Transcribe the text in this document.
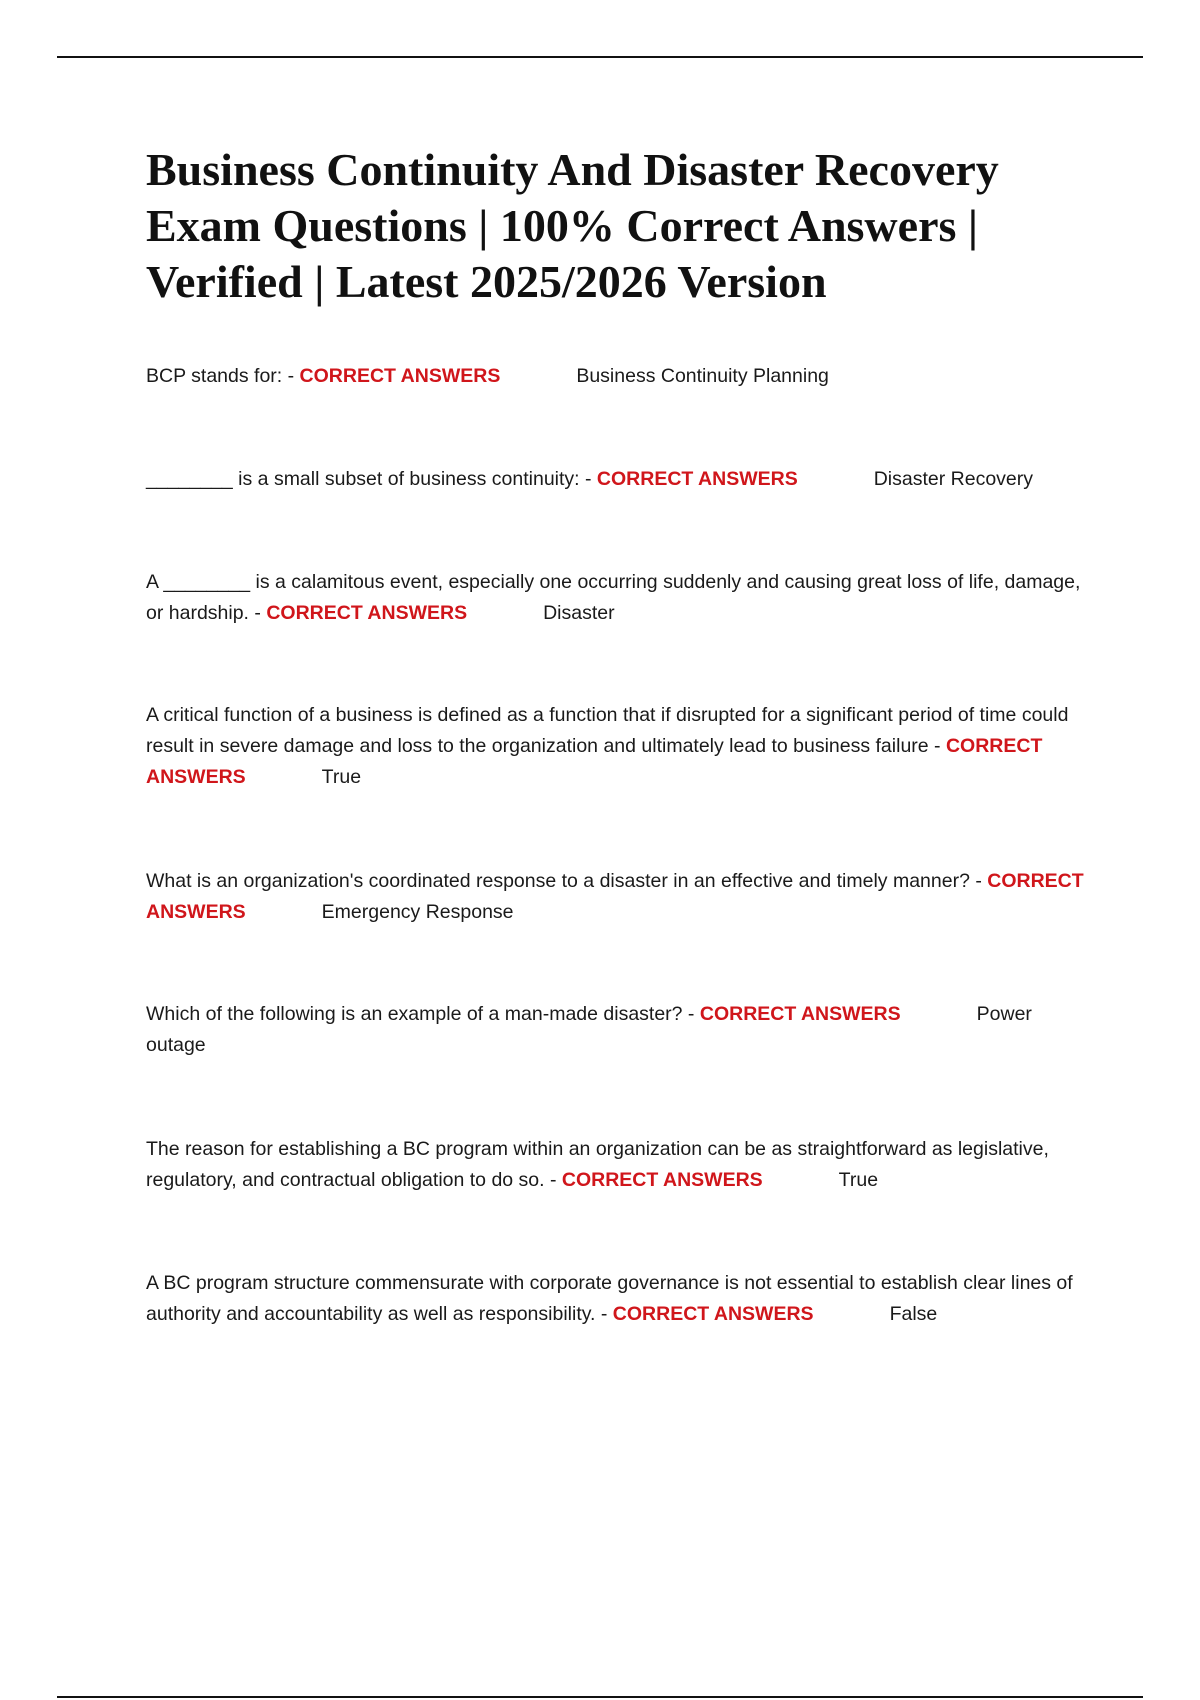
Business Continuity And Disaster Recovery Exam Questions | 100% Correct Answers | Verified | Latest 2025/2026 Version

BCP stands for: - CORRECT ANSWERS	Business Continuity Planning

________ is a small subset of business continuity: - CORRECT ANSWERS	Disaster Recovery

A ________ is a calamitous event, especially one occurring suddenly and causing great loss of life, damage, or hardship. - CORRECT ANSWERS	Disaster

A critical function of a business is defined as a function that if disrupted for a significant period of time could result in severe damage and loss to the organization and ultimately lead to business failure - CORRECT ANSWERS	True

What is an organization's coordinated response to a disaster in an effective and timely manner? - CORRECT ANSWERS	Emergency Response

Which of the following is an example of a man-made disaster? - CORRECT ANSWERS	Power outage

The reason for establishing a BC program within an organization can be as straightforward as legislative, regulatory, and contractual obligation to do so. - CORRECT ANSWERS	True

A BC program structure commensurate with corporate governance is not essential to establish clear lines of authority and accountability as well as responsibility. - CORRECT ANSWERS	False
